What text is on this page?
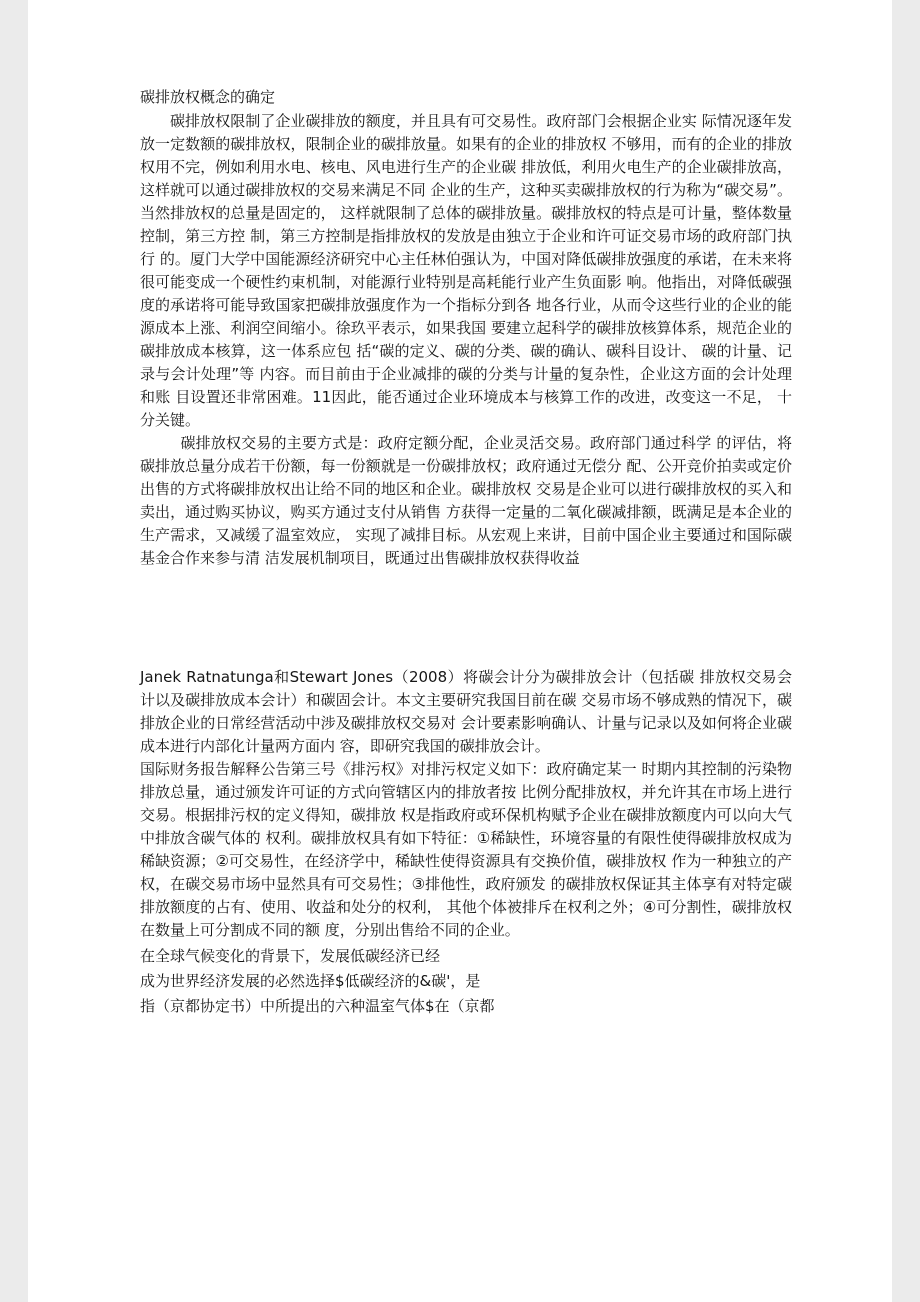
碳排放权概念的确定

碳排放权限制了企业碳排放的额度，并且具有可交易性。政府部门会根据企业实 际情况逐年发放一定数额的碳排放权，限制企业的碳排放量。如果有的企业的排放权 不够用，而有的企业的排放权用不完，例如利用水电、核电、风电进行生产的企业碳 排放低，利用火电生产的企业碳排放高，这样就可以通过碳排放权的交易来满足不同 企业的生产，这种买卖碳排放权的行为称为“碳交易”。当然排放权的总量是固定的， 这样就限制了总体的碳排放量。碳排放权的特点是可计量，整体数量控制，第三方控 制，第三方控制是指排放权的发放是由独立于企业和许可证交易市场的政府部门执行 的。厦门大学中国能源经济研究中心主任林伯强认为，中国对降低碳排放强度的承诺，在未来将很可能变成一个硬性约束机制，对能源行业特别是高耗能行业产生负面影 响。他指出，对降低碳强度的承诺将可能导致国家把碳排放强度作为一个指标分到各 地各行业，从而令这些行业的企业的能源成本上涨、利润空间缩小。徐玖平表示，如果我国 要建立起科学的碳排放核算体系，规范企业的碳排放成本核算，这一体系应包 括“碳的定义、碳的分类、碳的确认、碳科目设计、 碳的计量、记录与会计处理”等 内容。而目前由于企业减排的碳的分类与计量的复杂性，企业这方面的会计处理和账 目设置还非常困难。11因此，能否通过企业环境成本与核算工作的改进，改变这一不足， 十分关键。

碳排放权交易的主要方式是：政府定额分配，企业灵活交易。政府部门通过科学 的评估，将碳排放总量分成若干份额，每一份额就是一份碳排放权；政府通过无偿分 配、公开竞价拍卖或定价出售的方式将碳排放权出让给不同的地区和企业。碳排放权 交易是企业可以进行碳排放权的买入和卖出，通过购买协议，购买方通过支付从销售 方获得一定量的二氧化碳减排额，既满足是本企业的生产需求，又减缓了温室效应， 实现了减排目标。从宏观上来讲，目前中国企业主要通过和国际碳基金合作来参与清 洁发展机制项目，既通过出售碳排放权获得收益

Janek Ratnatunga和Stewart Jones（2008）将碳会计分为碳排放会计（包括碳 排放权交易会计以及碳排放成本会计）和碳固会计。本文主要研究我国目前在碳 交易市场不够成熟的情况下，碳排放企业的日常经营活动中涉及碳排放权交易对 会计要素影响确认、计量与记录以及如何将企业碳成本进行内部化计量两方面内 容，即研究我国的碳排放会计。

国际财务报告解释公告第三号《排污权》对排污权定义如下：政府确定某一 时期内其控制的污染物排放总量，通过颁发许可证的方式向管辖区内的排放者按 比例分配排放权，并允许其在市场上进行交易。根据排污权的定义得知，碳排放 权是指政府或环保机构赋予企业在碳排放额度内可以向大气中排放含碳气体的 权利。碳排放权具有如下特征：①稀缺性，环境容量的有限性使得碳排放权成为 稀缺资源；②可交易性，在经济学中，稀缺性使得资源具有交换价值，碳排放权 作为一种独立的产权，在碳交易市场中显然具有可交易性；③排他性，政府颁发 的碳排放权保证其主体享有对特定碳排放额度的占有、使用、收益和处分的权利， 其他个体被排斥在权利之外；④可分割性，碳排放权在数量上可分割成不同的额 度，分别出售给不同的企业。

在全球气候变化的背景下，发展低碳经济已经

成为世界经济发展的必然选择$低碳经济的&碳'，是

指（京都协定书）中所提出的六种温室气体$在（京都
